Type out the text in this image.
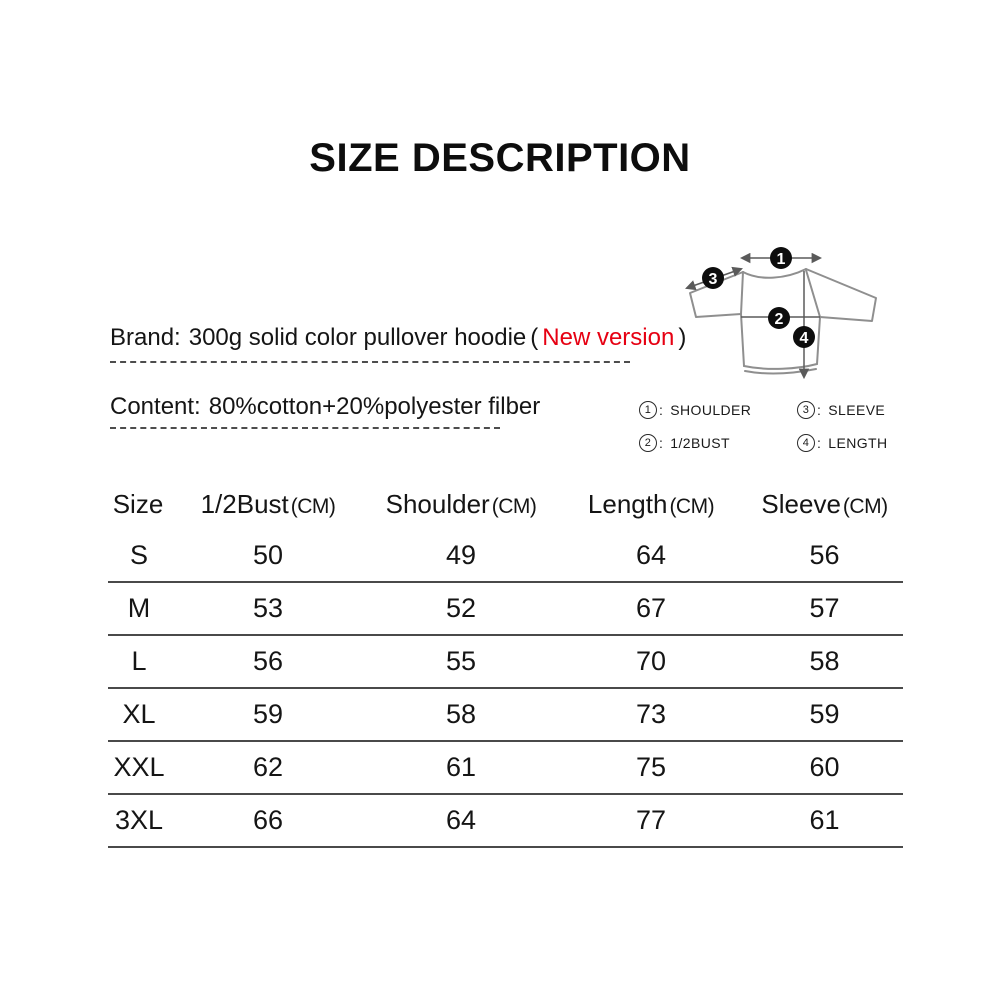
SIZE DESCRIPTION
Brand: 300g solid color pullover hoodie ( New version )
Content: 80%cotton+20%polyester filber
1
3
2
4
1 : SHOULDER	3 : SLEEVE
2 : 1/2BUST	4 : LENGTH
Size	1/2Bust(CM)	Shoulder(CM)	Length(CM)	Sleeve(CM)
S	50	49	64	56
M	53	52	67	57
L	56	55	70	58
XL	59	58	73	59
XXL	62	61	75	60
3XL	66	64	77	61
